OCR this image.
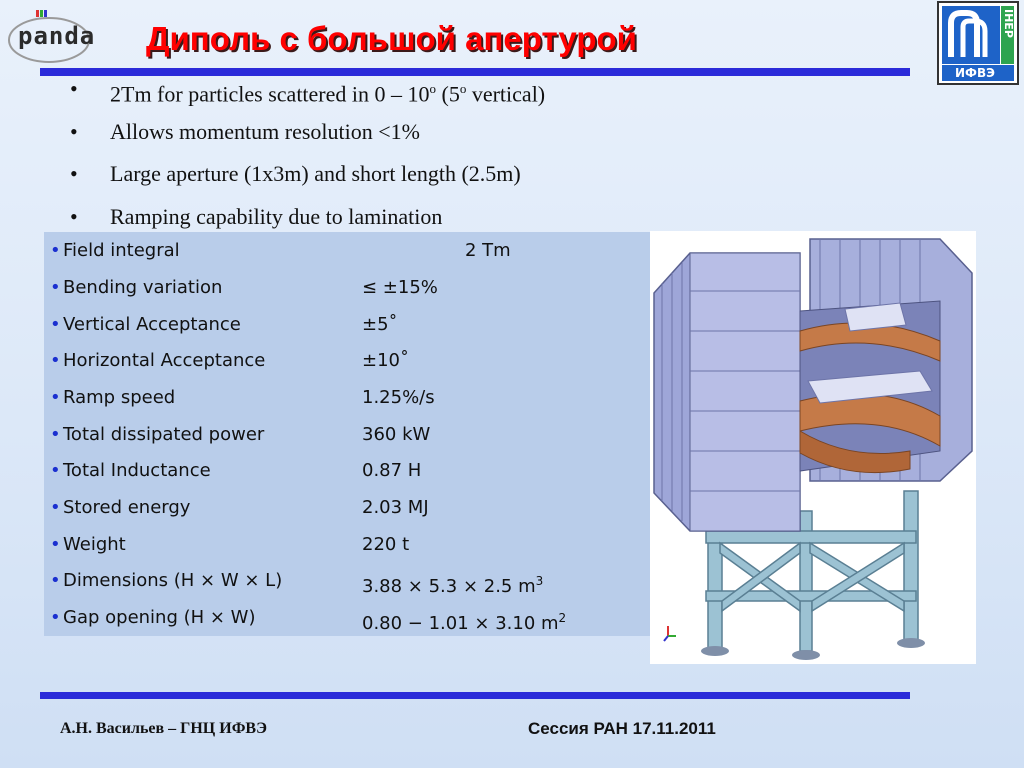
panda Диполь с большой апертурой	IHEP
ИФВЭ
• 2Tm for particles scattered in 0 – 10$^o$ (5$^o$ vertical)
• Allows momentum resolution <1%
• Large aperture (1x3m) and short length (2.5m)
• Ramping capability due to lamination
• Field integral	2 Tm
• Bending variation	≤ ±15%
• Vertical Acceptance	±5˚
• Horizontal Acceptance	±10˚
• Ramp speed	1.25%/s
• Total dissipated power	360 kW
• Total Inductance	0.87 H
• Stored energy	2.03 MJ
• Weight	220 t
• Dimensions (H × W × L)	3.88 × 5.3 × 2.5 $m^3$
• Gap opening (H × W)	0.80 − 1.01 × 3.10 $m^2$
А.Н. Васильев – ГНЦ ИФВЭ	Сессия РАН 17.11.2011
